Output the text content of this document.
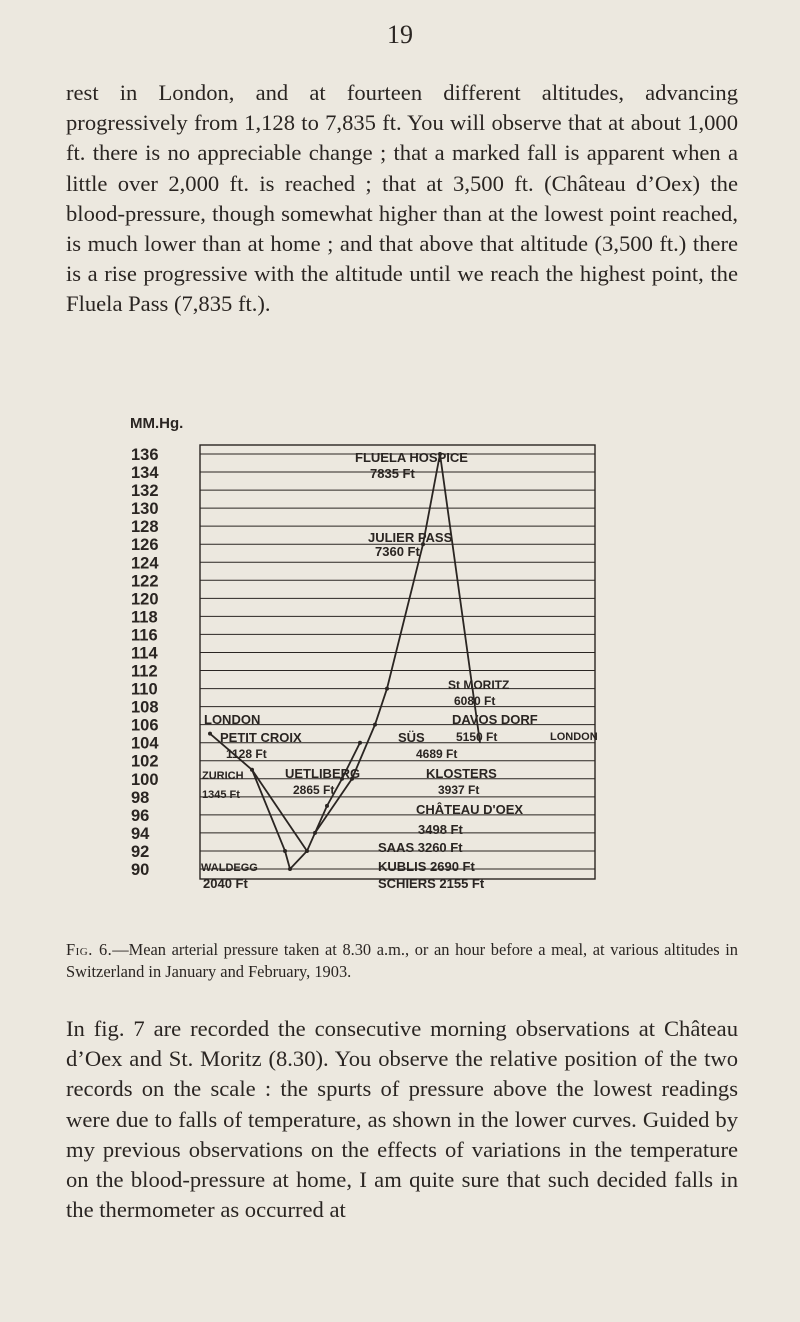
19

rest in London, and at fourteen different altitudes, advancing progressively from 1,128 to 7,835 ft. You will observe that at about 1,000 ft. there is no appreciable change ; that a marked fall is apparent when a little over 2,000 ft. is reached ; that at 3,500 ft. (Château d’Oex) the blood-pressure, though somewhat higher than at the lowest point reached, is much lower than at home ; and that above that altitude (3,500 ft.) there is a rise progressive with the altitude until we reach the highest point, the Fluela Pass (7,835 ft.).

MM.Hg.
136
134
132
130
128
126
124
122
120
118
116
114
112
110
108
106
104
102
100
98
96
94
92
90
FLUELA HOSPICE
7835 Ft
JULIER PASS
7360 Ft
St MORITZ
6080 Ft
LONDON	DAVOS DORF
5150 Ft	LONDON
PETIT CROIX	SÜS
1128 Ft	4689 Ft
ZURICH	UETLIBERG	KLOSTERS
2865 Ft	3937 Ft
1345 Ft
CHÂTEAU D'OEX
3498 Ft
SAAS 3260 Ft
WALDEGG	KUBLIS 2690 Ft
2040 Ft	SCHIERS 2155 Ft

Fig. 6.—Mean arterial pressure taken at 8.30 a.m., or an hour before a meal, at various altitudes in Switzerland in January and February, 1903.

In fig. 7 are recorded the consecutive morning observations at Château d’Oex and St. Moritz (8.30). You observe the relative position of the two records on the scale : the spurts of pressure above the lowest readings were due to falls of temperature, as shown in the lower curves. Guided by my previous observations on the effects of variations in the temperature on the blood-pressure at home, I am quite sure that such decided falls in the thermometer as occurred at
